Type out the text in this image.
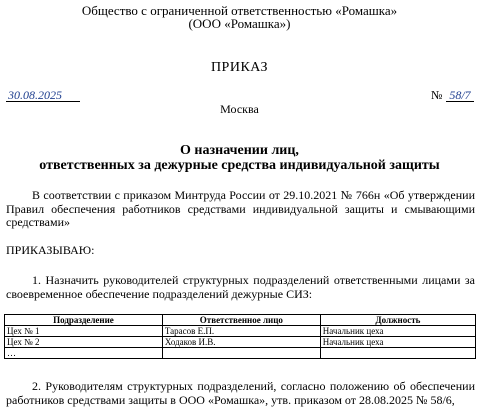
Общество с ограниченной ответственностью «Ромашка»
(ООО «Ромашка»)
ПРИКАЗ
30.08.2025	№ 58/7
Москва
О назначении лиц,
ответственных за дежурные средства индивидуальной защиты
В соответствии с приказом Минтруда России от 29.10.2021 № 766н «Об утверждении Правил обеспечения работников средствами индивидуальной защиты и смывающими средствами»
ПРИКАЗЫВАЮ:
1. Назначить руководителей структурных подразделений ответственными лицами за своевременное обеспечение подразделений дежурные СИЗ:
Подразделение	Ответственное лицо	Должность
Цех № 1	Тарасов Е.П.	Начальник цеха
Цех № 2	Ходаков И.В.	Начальник цеха
…		
2. Руководителям структурных подразделений, согласно положению об обеспечении работников средствами защиты в ООО «Ромашка», утв. приказом от 28.08.2025 № 58/6,
